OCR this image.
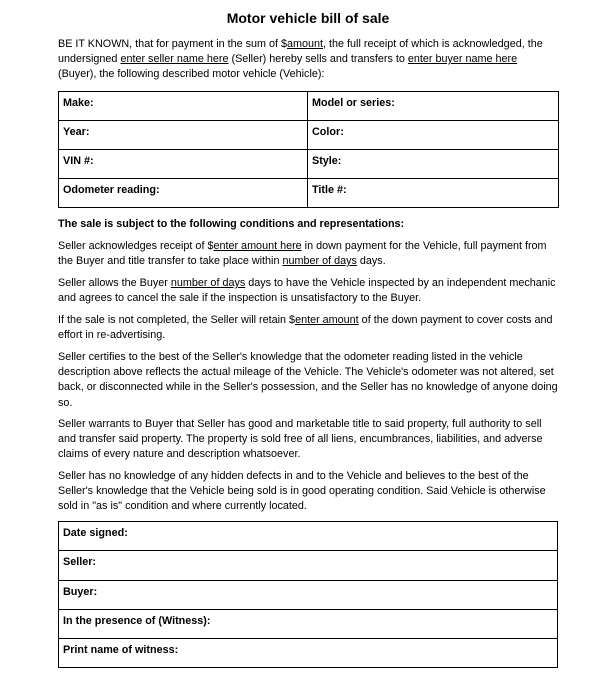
Motor vehicle bill of sale

BE IT KNOWN, that for payment in the sum of $amount, the full receipt of which is acknowledged, the undersigned enter seller name here (Seller) hereby sells and transfers to enter buyer name here (Buyer), the following described motor vehicle (Vehicle):

Make:	Model or series:
Year:	Color:
VIN #:	Style:
Odometer reading:	Title #:
The sale is subject to the following conditions and representations:

Seller acknowledges receipt of $enter amount here in down payment for the Vehicle, full payment from the Buyer and title transfer to take place within number of days days.

Seller allows the Buyer number of days days to have the Vehicle inspected by an independent mechanic and agrees to cancel the sale if the inspection is unsatisfactory to the Buyer.

If the sale is not completed, the Seller will retain $enter amount of the down payment to cover costs and effort in re-advertising.

Seller certifies to the best of the Seller's knowledge that the odometer reading listed in the vehicle description above reflects the actual mileage of the Vehicle. The Vehicle's odometer was not altered, set back, or disconnected while in the Seller's possession, and the Seller has no knowledge of anyone doing so.

Seller warrants to Buyer that Seller has good and marketable title to said property, full authority to sell and transfer said property. The property is sold free of all liens, encumbrances, liabilities, and adverse claims of every nature and description whatsoever.

Seller has no knowledge of any hidden defects in and to the Vehicle and believes to the best of the Seller's knowledge that the Vehicle being sold is in good operating condition. Said Vehicle is otherwise sold in "as is" condition and where currently located.

Date signed:
Seller:
Buyer:
In the presence of (Witness):
Print name of witness:
